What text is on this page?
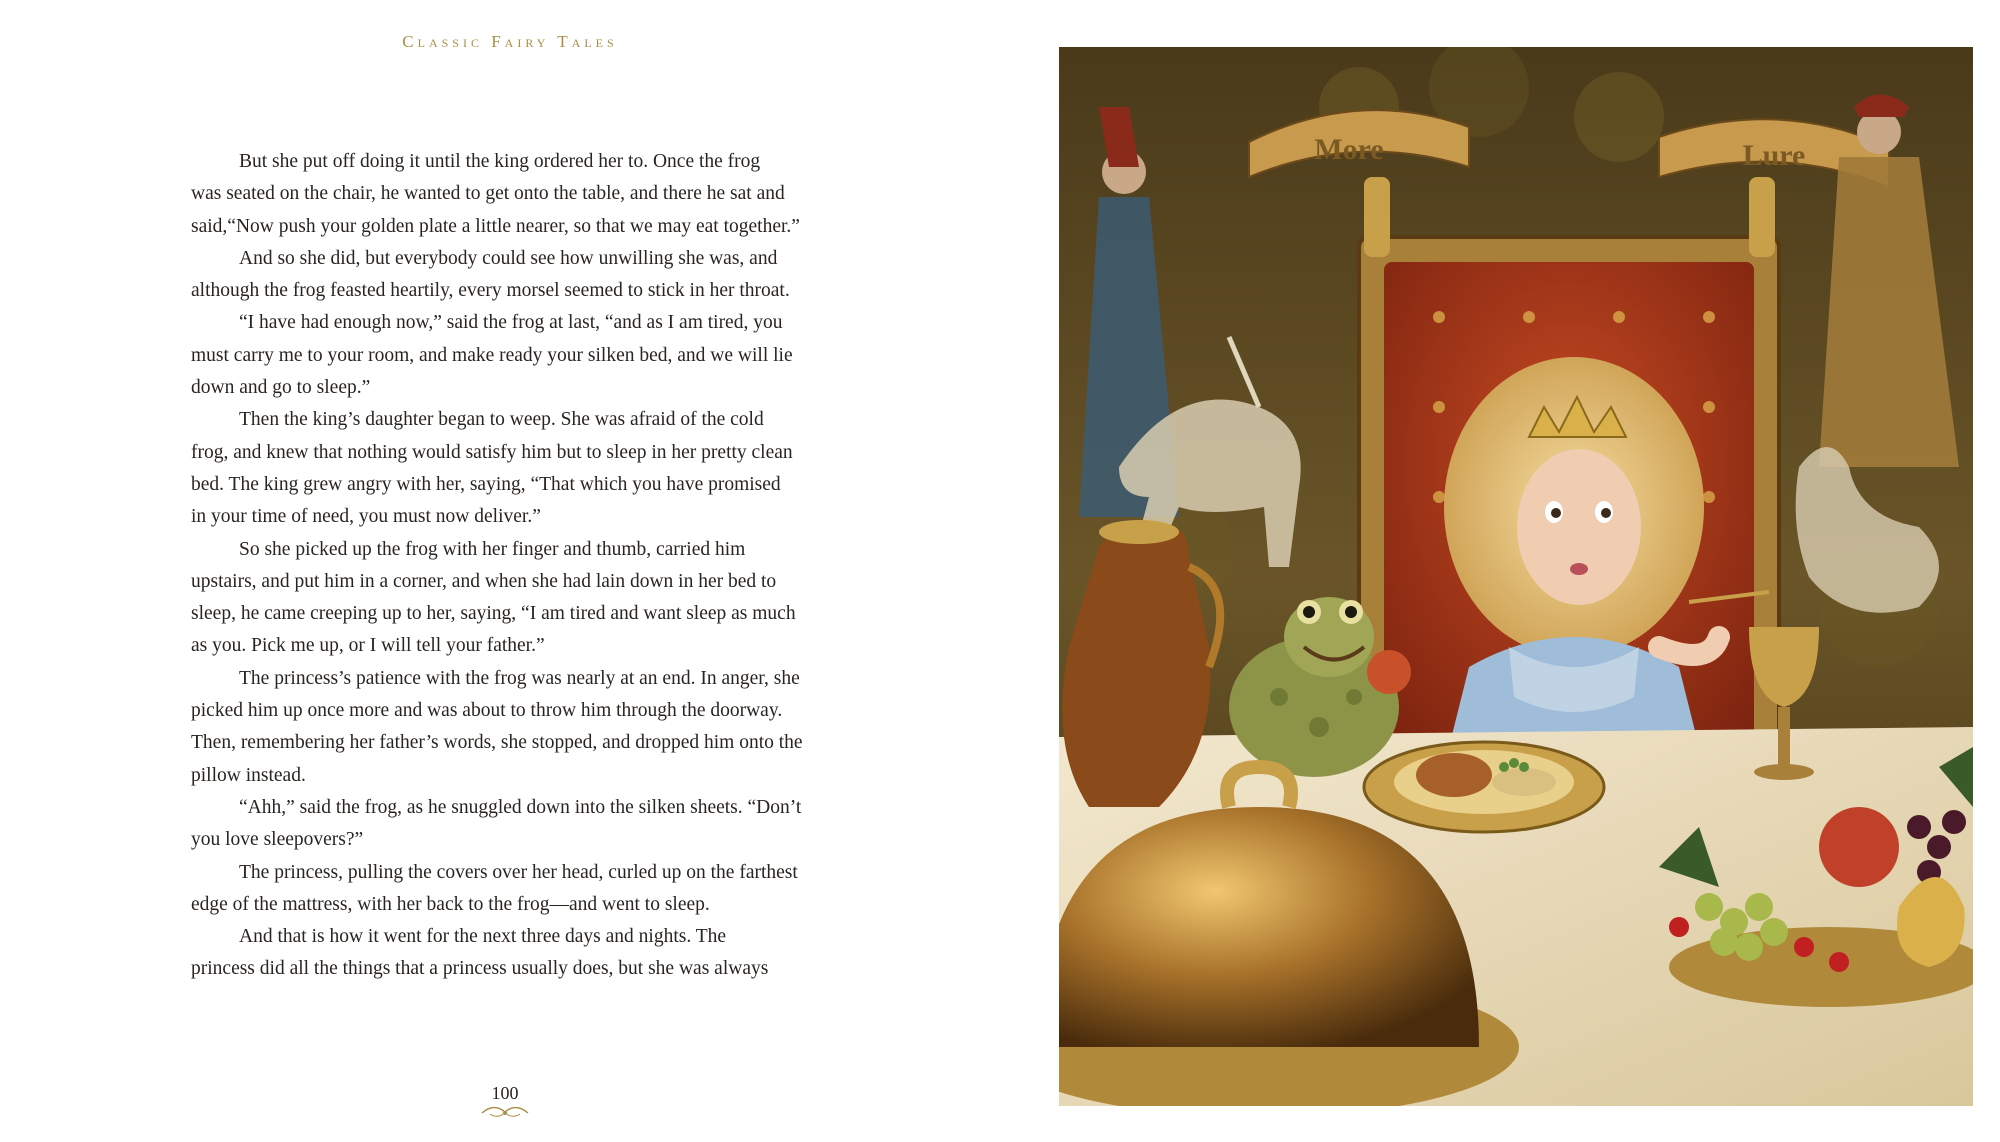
Classic Fairy Tales

But she put off doing it until the king ordered her to. Once the frog

was seated on the chair, he wanted to get onto the table, and there he sat and

said,“Now push your golden plate a little nearer, so that we may eat together.”

And so she did, but everybody could see how unwilling she was, and

although the frog feasted heartily, every morsel seemed to stick in her throat.

“I have had enough now,” said the frog at last, “and as I am tired, you

must carry me to your room, and make ready your silken bed, and we will lie

down and go to sleep.”

Then the king’s daughter began to weep. She was afraid of the cold

frog, and knew that nothing would satisfy him but to sleep in her pretty clean

bed. The king grew angry with her, saying, “That which you have promised

in your time of need, you must now deliver.”

So she picked up the frog with her finger and thumb, carried him

upstairs, and put him in a corner, and when she had lain down in her bed to

sleep, he came creeping up to her, saying, “I am tired and want sleep as much

as you. Pick me up, or I will tell your father.”

The princess’s patience with the frog was nearly at an end. In anger, she

picked him up once more and was about to throw him through the doorway.

Then, remembering her father’s words, she stopped, and dropped him onto the

pillow instead.

“Ahh,” said the frog, as he snuggled down into the silken sheets. “Don’t

you love sleepovers?”

The princess, pulling the covers over her head, curled up on the farthest

edge of the mattress, with her back to the frog—and went to sleep.

And that is how it went for the next three days and nights. The

princess did all the things that a princess usually does, but she was always

100
More	Lure
